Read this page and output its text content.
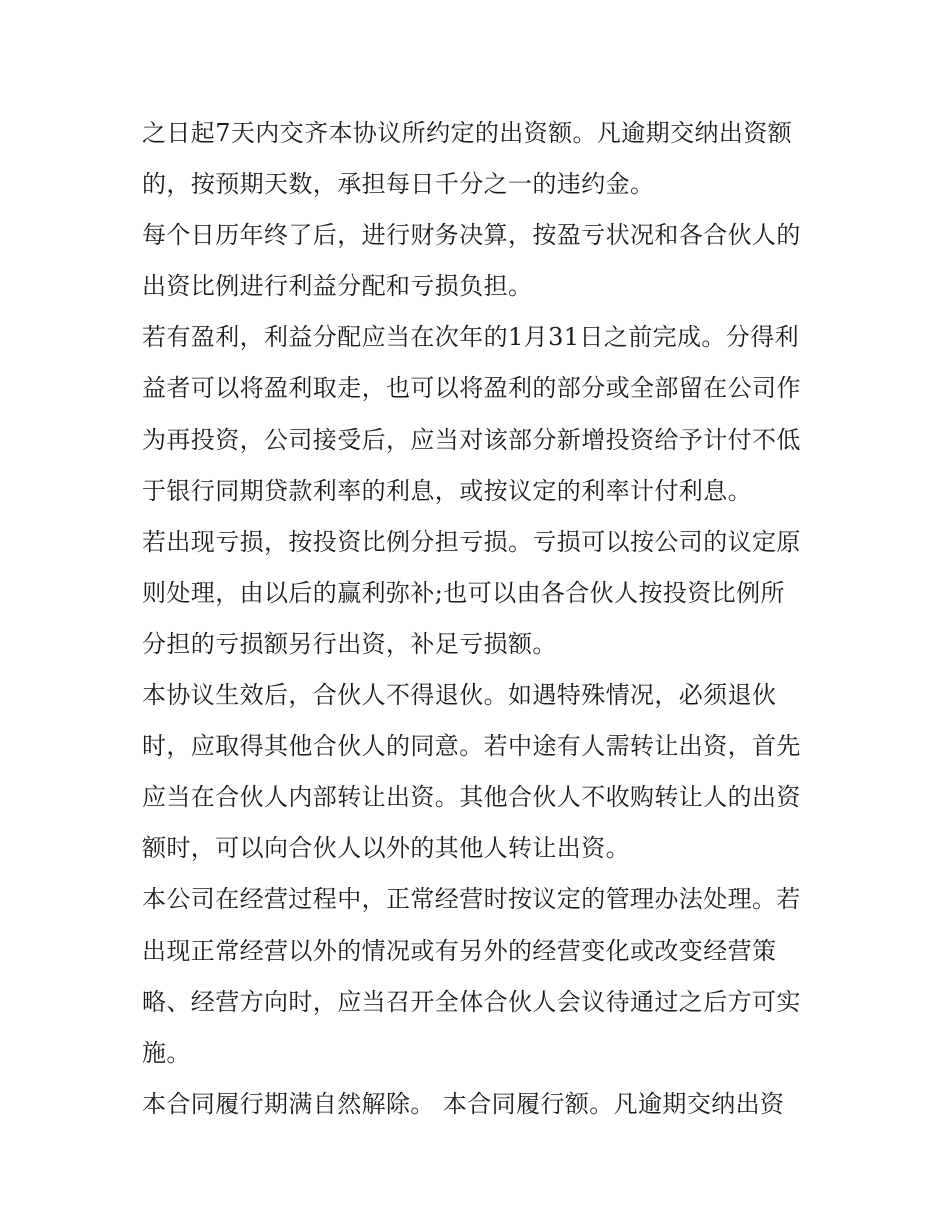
之日起7天内交齐本协议所约定的出资额。凡逾期交纳出资额
的，按预期天数，承担每日千分之一的违约金。
每个日历年终了后，进行财务决算，按盈亏状况和各合伙人的
出资比例进行利益分配和亏损负担。
若有盈利，利益分配应当在次年的1月31日之前完成。分得利
益者可以将盈利取走，也可以将盈利的部分或全部留在公司作
为再投资，公司接受后，应当对该部分新增投资给予计付不低
于银行同期贷款利率的利息，或按议定的利率计付利息。
若出现亏损，按投资比例分担亏损。亏损可以按公司的议定原
则处理，由以后的赢利弥补;也可以由各合伙人按投资比例所
分担的亏损额另行出资，补足亏损额。
本协议生效后，合伙人不得退伙。如遇特殊情况，必须退伙
时，应取得其他合伙人的同意。若中途有人需转让出资，首先
应当在合伙人内部转让出资。其他合伙人不收购转让人的出资
额时，可以向合伙人以外的其他人转让出资。
本公司在经营过程中，正常经营时按议定的管理办法处理。若
出现正常经营以外的情况或有另外的经营变化或改变经营策
略、经营方向时，应当召开全体合伙人会议待通过之后方可实
施。
本合同履行期满自然解除。 本合同履行额。凡逾期交纳出资
